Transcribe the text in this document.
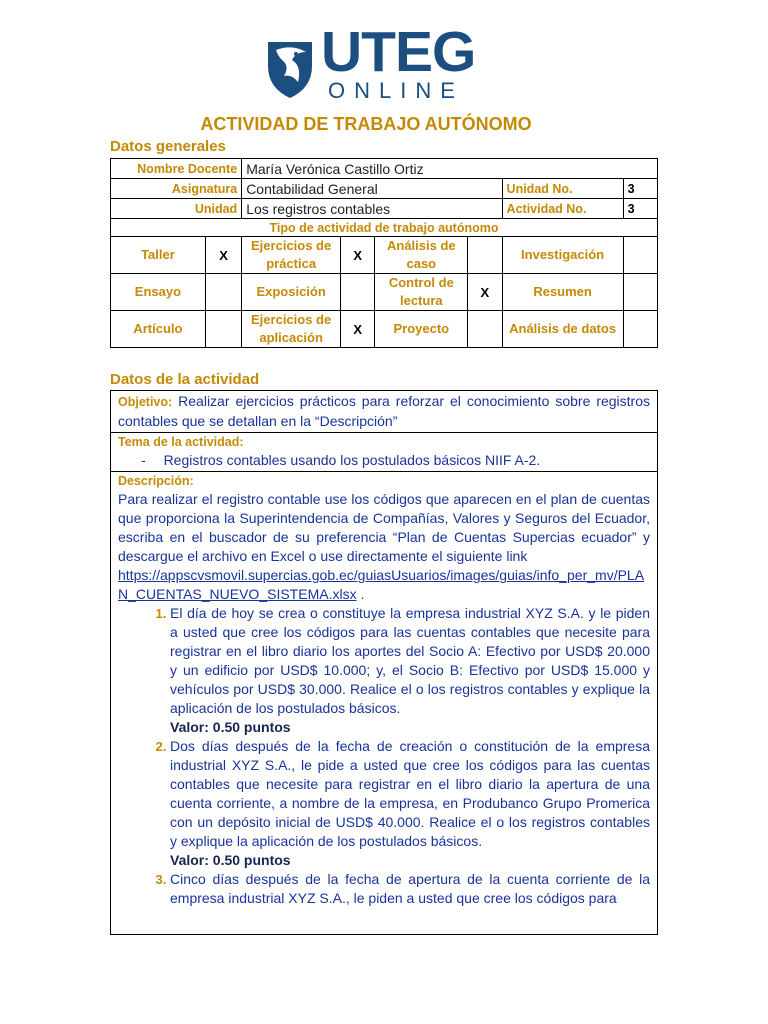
UTEG
ONLINE
ACTIVIDAD DE TRABAJO AUTÓNOMO
Datos generales
Nombre Docente		María Verónica Castillo Ortiz					
Asignatura		Contabilidad General				Unidad No.	3
Unidad		Los registros contables				Actividad No.	3
Tipo de actividad de trabajo autónomo							
Taller	X	Ejercicios de práctica	X	Análisis de caso		Investigación	
Ensayo		Exposición		Control de lectura	X	Resumen	
Artículo		Ejercicios de aplicación	X	Proyecto		Análisis de datos	
Datos de la actividad
Objetivo: Realizar ejercicios prácticos para reforzar el conocimiento sobre registros contables que se detallan en la “Descripción”

Tema de la actividad:
- Registros contables usando los postulados básicos NIIF A-2.

Descripción:
Para realizar el registro contable use los códigos que aparecen en el plan de cuentas que proporciona la Superintendencia de Compañías, Valores y Seguros del Ecuador, escriba en el buscador de su preferencia “Plan de Cuentas Supercias ecuador” y descargue el archivo en Excel o use directamente el siguiente link
https://appscvsmovil.supercias.gob.ec/guiasUsuarios/images/guias/info_per_mv/PLAN_CUENTAS_NUEVO_SISTEMA.xlsx .
1. El día de hoy se crea o constituye la empresa industrial XYZ S.A. y le piden a usted que cree los códigos para las cuentas contables que necesite para registrar en el libro diario los aportes del Socio A: Efectivo por USD$ 20.000 y un edificio por USD$ 10.000; y, el Socio B: Efectivo por USD$ 15.000 y vehículos por USD$ 30.000. Realice el o los registros contables y explique la aplicación de los postulados básicos.
Valor: 0.50 puntos
2. Dos días después de la fecha de creación o constitución de la empresa industrial XYZ S.A., le pide a usted que cree los códigos para las cuentas contables que necesite para registrar en el libro diario la apertura de una cuenta corriente, a nombre de la empresa, en Produbanco Grupo Promerica con un depósito inicial de USD$ 40.000. Realice el o los registros contables y explique la aplicación de los postulados básicos.
Valor: 0.50 puntos
3. Cinco días después de la fecha de apertura de la cuenta corriente de la empresa industrial XYZ S.A., le piden a usted que cree los códigos para
